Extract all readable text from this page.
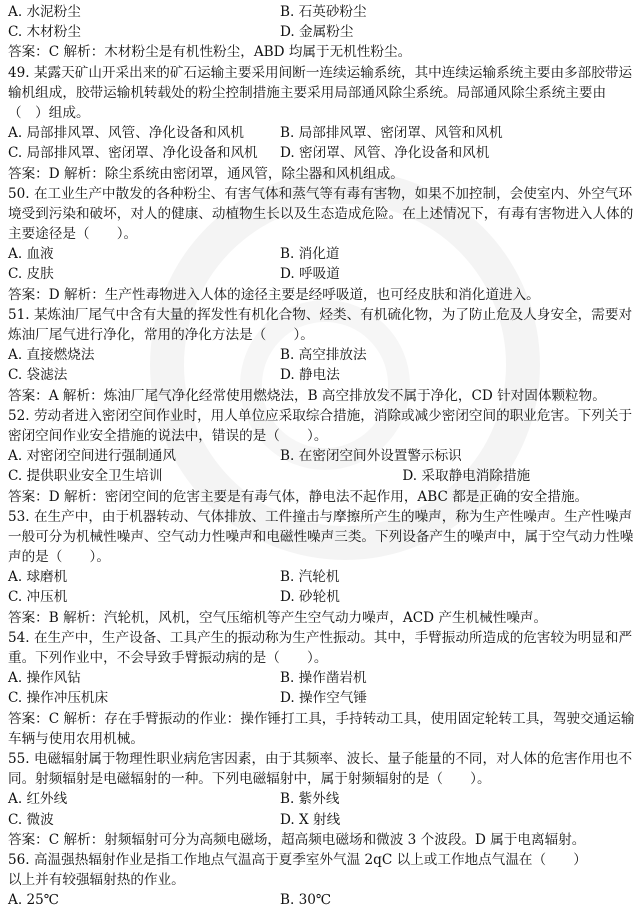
A. 水泥粉尘	B. 石英砂粉尘
C. 木材粉尘	D. 金属粉尘
答案：C 解析：木材粉尘是有机性粉尘，ABD 均属于无机性粉尘。
49. 某露天矿山开采出来的矿石运输主要采用间断一连续运输系统，其中连续运输系统主要由多部胶带运
输机组成，胶带运输机转载处的粉尘控制措施主要采用局部通风除尘系统。局部通风除尘系统主要由
（　）组成。
A. 局部排风罩、风管、净化设备和风机	B. 局部排风罩、密闭罩、风管和风机
C. 局部排风罩、密闭罩、净化设备和风机 D. 密闭罩、风管、净化设备和风机
答案：D 解析：除尘系统由密闭罩，通风管，除尘器和风机组成。
50. 在工业生产中散发的各种粉尘、有害气体和蒸气等有毒有害物，如果不加控制，会使室内、外空气环
境受到污染和破坏，对人的健康、动植物生长以及生态造成危险。在上述情况下，有毒有害物进入人体的
主要途径是（　　）。
A. 血液	B. 消化道
C. 皮肤	D. 呼吸道
答案：D 解析：生产性毒物进入人体的途径主要是经呼吸道，也可经皮肤和消化道进入。
51. 某炼油厂尾气中含有大量的挥发性有机化合物、烃类、有机硫化物，为了防止危及人身安全，需要对
炼油厂尾气进行净化，常用的净化方法是（　　）。
A. 直接燃烧法	B. 高空排放法
C. 袋滤法	D. 静电法
答案：A 解析：炼油厂尾气净化经常使用燃烧法，B 高空排放发不属于净化，CD 针对固体颗粒物。
52. 劳动者进入密闭空间作业时，用人单位应采取综合措施，消除或减少密闭空间的职业危害。下列关于
密闭空间作业安全措施的说法中，错误的是（　　）。
A. 对密闭空间进行强制通风	B. 在密闭空间外设置警示标识
C. 提供职业安全卫生培训	　　　　　　　　　D. 采取静电消除措施
答案：D 解析：密闭空间的危害主要是有毒气体，静电法不起作用，ABC 都是正确的安全措施。
53. 在生产中，由于机器转动、气体排放、工件撞击与摩擦所产生的噪声，称为生产性噪声。生产性噪声
一般可分为机械性噪声、空气动力性噪声和电磁性噪声三类。下列设备产生的噪声中，属于空气动力性噪
声的是（　　）。
A. 球磨机	B. 汽轮机
C. 冲压机	D. 砂轮机
答案：B 解析：汽轮机，风机，空气压缩机等产生空气动力噪声，ACD 产生机械性噪声。
54. 在生产中，生产设备、工具产生的振动称为生产性振动。其中，手臂振动所造成的危害较为明显和严
重。下列作业中，不会导致手臂振动病的是（　　）。
A. 操作风钻	B. 操作凿岩机
C. 操作冲压机床	D. 操作空气锤
答案：C 解析：存在手臂振动的作业：操作锤打工具，手持转动工具，使用固定轮转工具，驾驶交通运输
车辆与使用农用机械。
55. 电磁辐射属于物理性职业病危害因素，由于其频率、波长、量子能量的不同，对人体的危害作用也不
同。射频辐射是电磁辐射的一种。下列电磁辐射中，属于射频辐射的是（　　）。
A. 红外线	B. 紫外线
C. 微波	D. X 射线
答案：C 解析：射频辐射可分为高频电磁场，超高频电磁场和微波 3 个波段。D 属于电离辐射。
56. 高温强热辐射作业是指工作地点气温高于夏季室外气温 2qC 以上或工作地点气温在（　　）
以上并有较强辐射热的作业。
A. 25℃	B. 30℃
